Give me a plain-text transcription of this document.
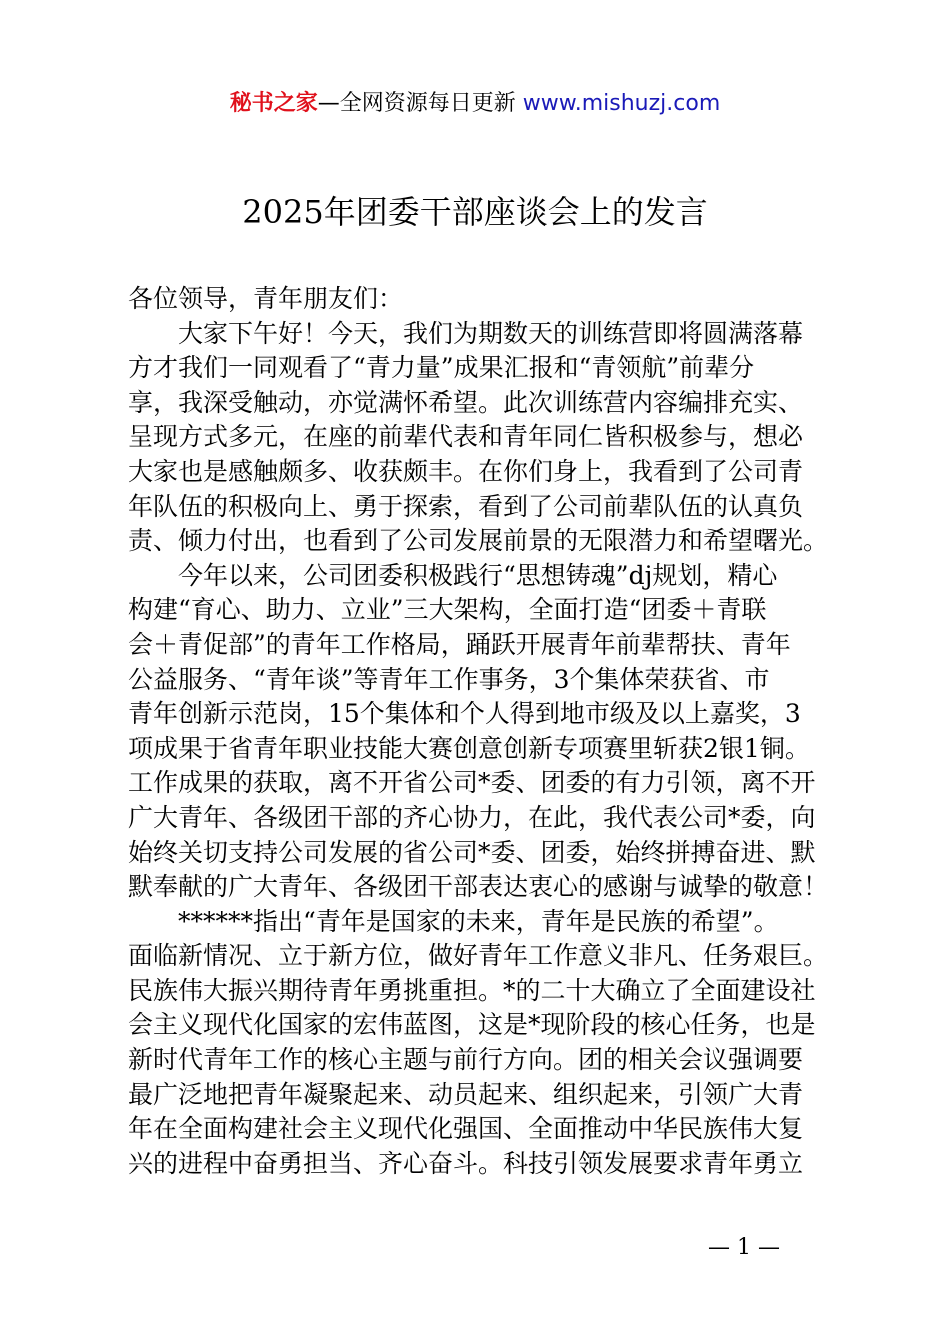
秘书之家—全网资源每日更新 www.mishuzj.com
2025年团委干部座谈会上的发言
各位领导，青年朋友们：
大家下午好！今天，我们为期数天的训练营即将圆满落幕
方才我们一同观看了“青力量”成果汇报和“青领航”前辈分
享，我深受触动，亦觉满怀希望。此次训练营内容编排充实、
呈现方式多元，在座的前辈代表和青年同仁皆积极参与，想必
大家也是感触颇多、收获颇丰。在你们身上，我看到了公司青
年队伍的积极向上、勇于探索，看到了公司前辈队伍的认真负
责、倾力付出，也看到了公司发展前景的无限潜力和希望曙光。
今年以来，公司团委积极践行“思想铸魂”dj规划，精心
构建“育心、助力、立业”三大架构，全面打造“团委＋青联
会＋青促部”的青年工作格局，踊跃开展青年前辈帮扶、青年
公益服务、“青年谈”等青年工作事务，3个集体荣获省、市
青年创新示范岗，15个集体和个人得到地市级及以上嘉奖，3
项成果于省青年职业技能大赛创意创新专项赛里斩获2银1铜。
工作成果的获取，离不开省公司*委、团委的有力引领，离不开
广大青年、各级团干部的齐心协力，在此，我代表公司*委，向
始终关切支持公司发展的省公司*委、团委，始终拼搏奋进、默
默奉献的广大青年、各级团干部表达衷心的感谢与诚挚的敬意！
******指出“青年是国家的未来，青年是民族的希望”。
面临新情况、立于新方位，做好青年工作意义非凡、任务艰巨。
民族伟大振兴期待青年勇挑重担。*的二十大确立了全面建设社
会主义现代化国家的宏伟蓝图，这是*现阶段的核心任务，也是
新时代青年工作的核心主题与前行方向。团的相关会议强调要
最广泛地把青年凝聚起来、动员起来、组织起来，引领广大青
年在全面构建社会主义现代化强国、全面推动中华民族伟大复
兴的进程中奋勇担当、齐心奋斗。科技引领发展要求青年勇立
— 1 —
